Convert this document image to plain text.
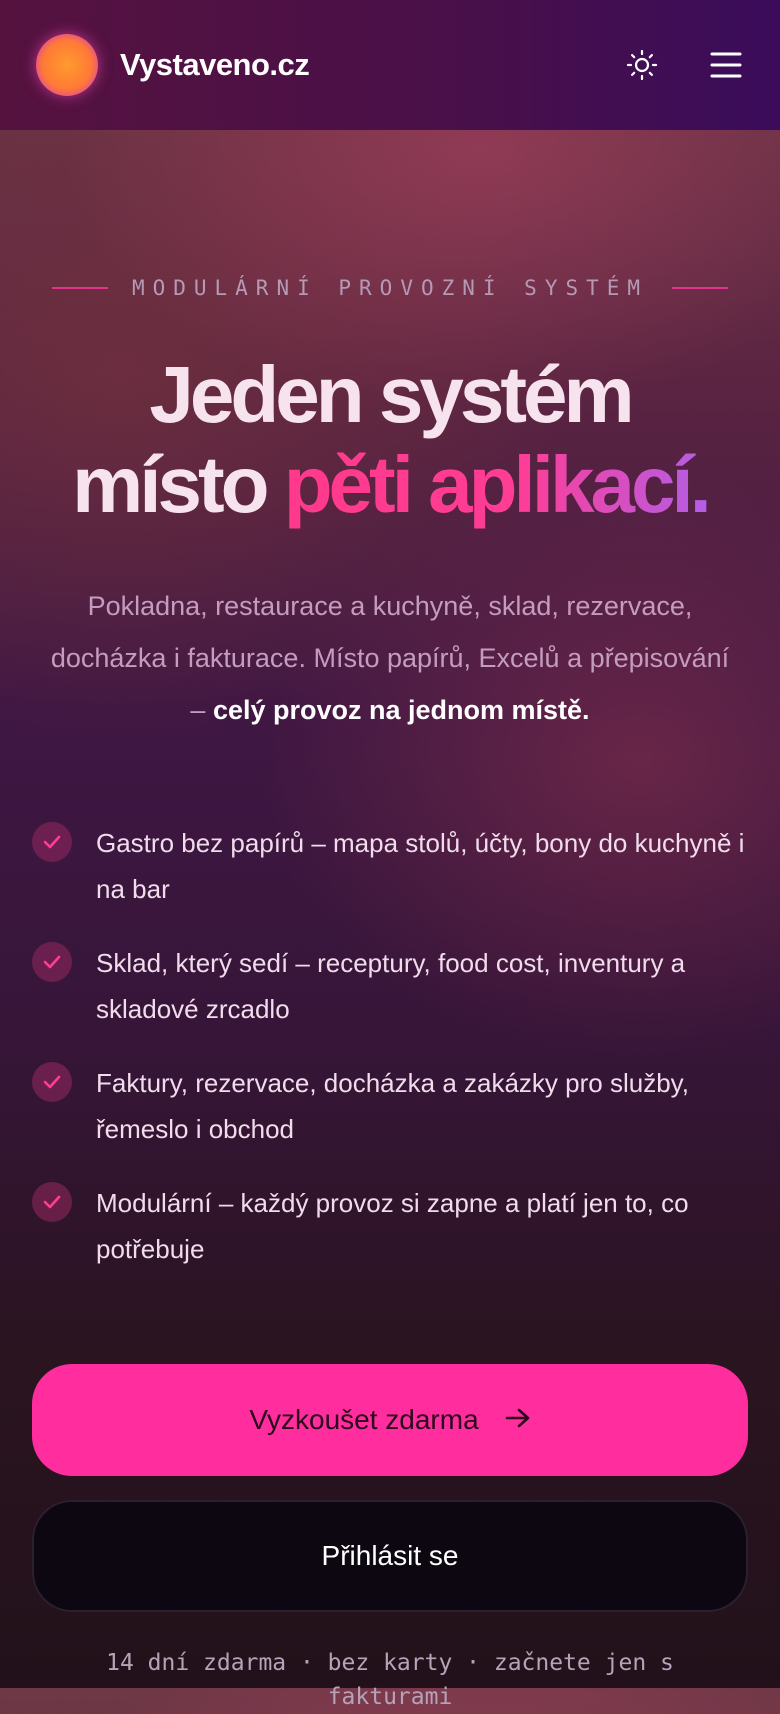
Vystaveno.cz
MODULÁRNÍ PROVOZNÍ SYSTÉM
Jeden systém
místo pěti aplikací.

Pokladna, restaurace a kuchyně, sklad, rezervace, docházka i fakturace. Místo papírů, Excelů a přepisování – celý provoz na jednom místě.

Gastro bez papírů – mapa stolů, účty, bony do kuchyně i na bar
Sklad, který sedí – receptury, food cost, inventury a skladové zrcadlo
Faktury, rezervace, docházka a zakázky pro služby, řemeslo i obchod
Modulární – každý provoz si zapne a platí jen to, co potřebuje
Vyzkoušet zdarma
Přihlásit se

14 dní zdarma · bez karty · začnete jen s fakturami
